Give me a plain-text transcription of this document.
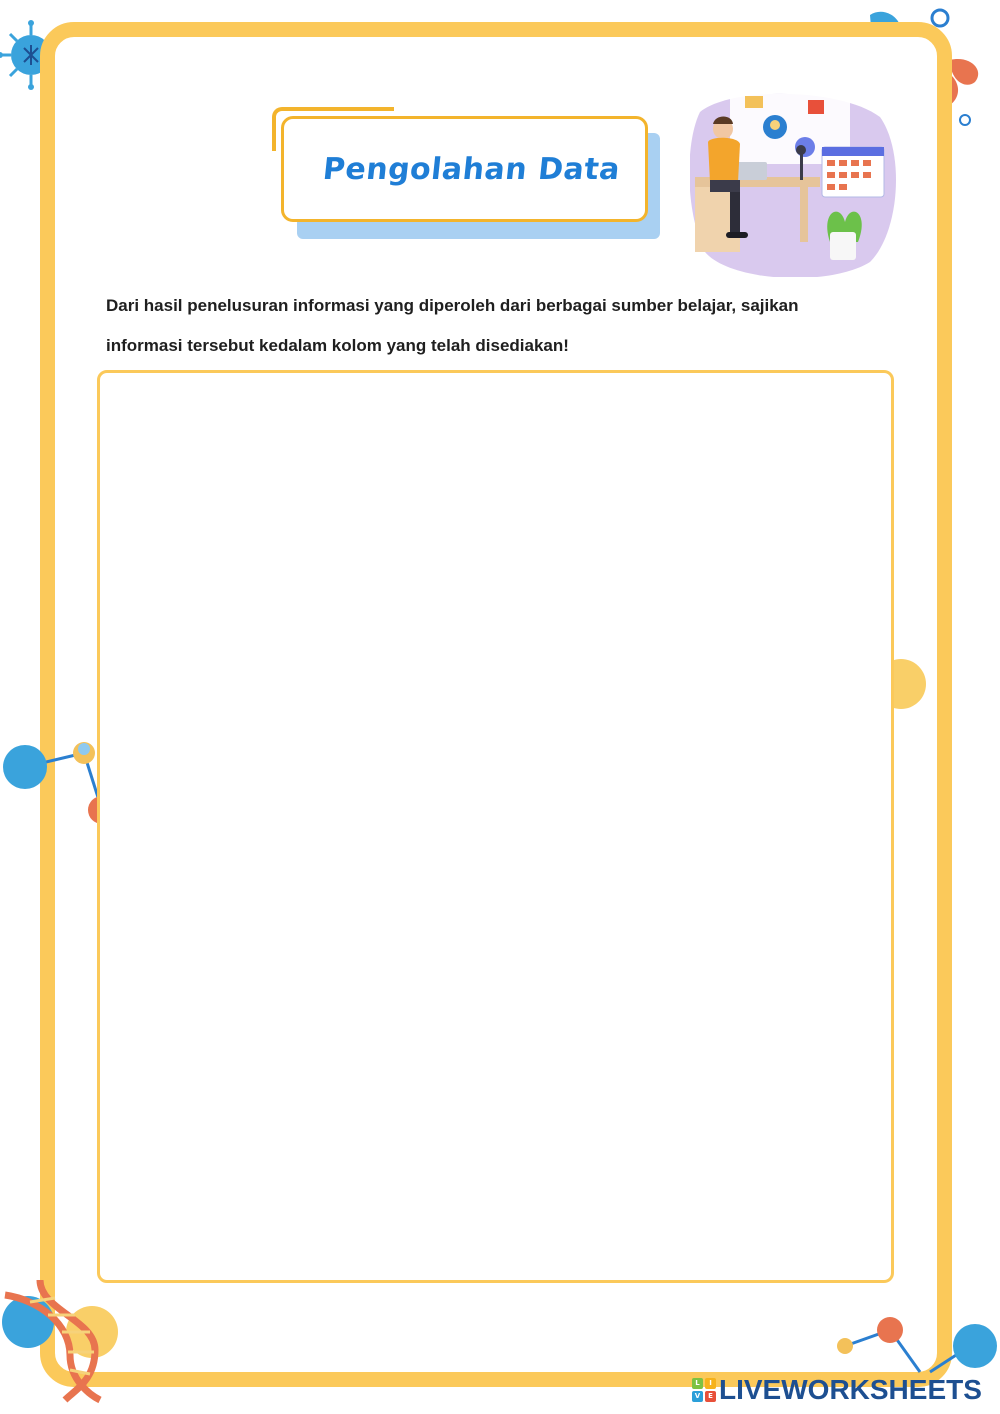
Pengolahan Data
Dari hasil penelusuran informasi yang diperoleh dari berbagai sumber belajar, sajikan
informasi tersebut kedalam kolom yang telah disediakan!
L	I
V	E LIVEWORKSHEETS
